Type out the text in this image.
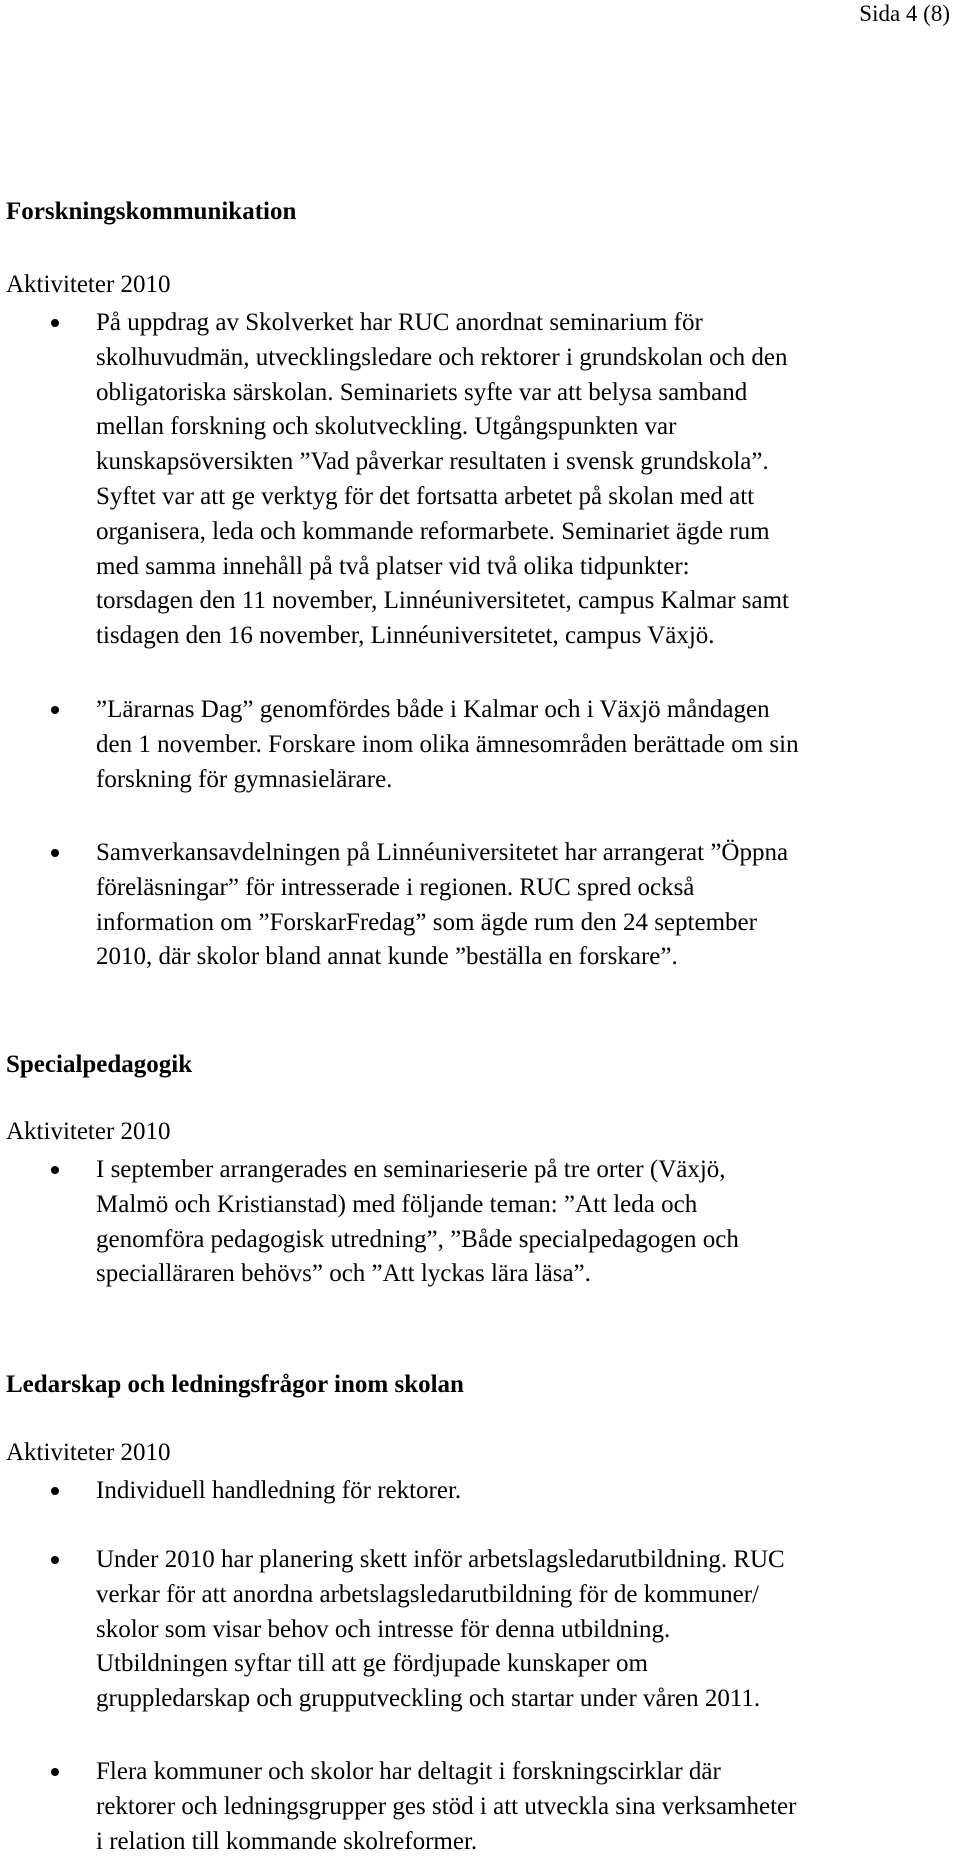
Sida 4 (8)
Forskningskommunikation
Aktiviteter 2010
På uppdrag av Skolverket har RUC anordnat seminarium för
skolhuvudmän, utvecklingsledare och rektorer i grundskolan och den
obligatoriska särskolan. Seminariets syfte var att belysa samband
mellan forskning och skolutveckling. Utgångspunkten var
kunskapsöversikten ”Vad påverkar resultaten i svensk grundskola”.
Syftet var att ge verktyg för det fortsatta arbetet på skolan med att
organisera, leda och kommande reformarbete. Seminariet ägde rum
med samma innehåll på två platser vid två olika tidpunkter:
torsdagen den 11 november, Linnéuniversitetet, campus Kalmar samt
tisdagen den 16 november, Linnéuniversitetet, campus Växjö.
”Lärarnas Dag” genomfördes både i Kalmar och i Växjö måndagen
den 1 november. Forskare inom olika ämnesområden berättade om sin
forskning för gymnasielärare.
Samverkansavdelningen på Linnéuniversitetet har arrangerat ”Öppna
föreläsningar” för intresserade i regionen. RUC spred också
information om ”ForskarFredag” som ägde rum den 24 september
2010, där skolor bland annat kunde ”beställa en forskare”.
Specialpedagogik
Aktiviteter 2010
I september arrangerades en seminarieserie på tre orter (Växjö,
Malmö och Kristianstad) med följande teman: ”Att leda och
genomföra pedagogisk utredning”, ”Både specialpedagogen och
specialläraren behövs” och ”Att lyckas lära läsa”.
Ledarskap och ledningsfrågor inom skolan
Aktiviteter 2010
Individuell handledning för rektorer.
Under 2010 har planering skett inför arbetslagsledarutbildning. RUC
verkar för att anordna arbetslagsledarutbildning för de kommuner/
skolor som visar behov och intresse för denna utbildning.
Utbildningen syftar till att ge fördjupade kunskaper om
gruppledarskap och grupputveckling och startar under våren 2011.
Flera kommuner och skolor har deltagit i forskningscirklar där
rektorer och ledningsgrupper ges stöd i att utveckla sina verksamheter
i relation till kommande skolreformer.
